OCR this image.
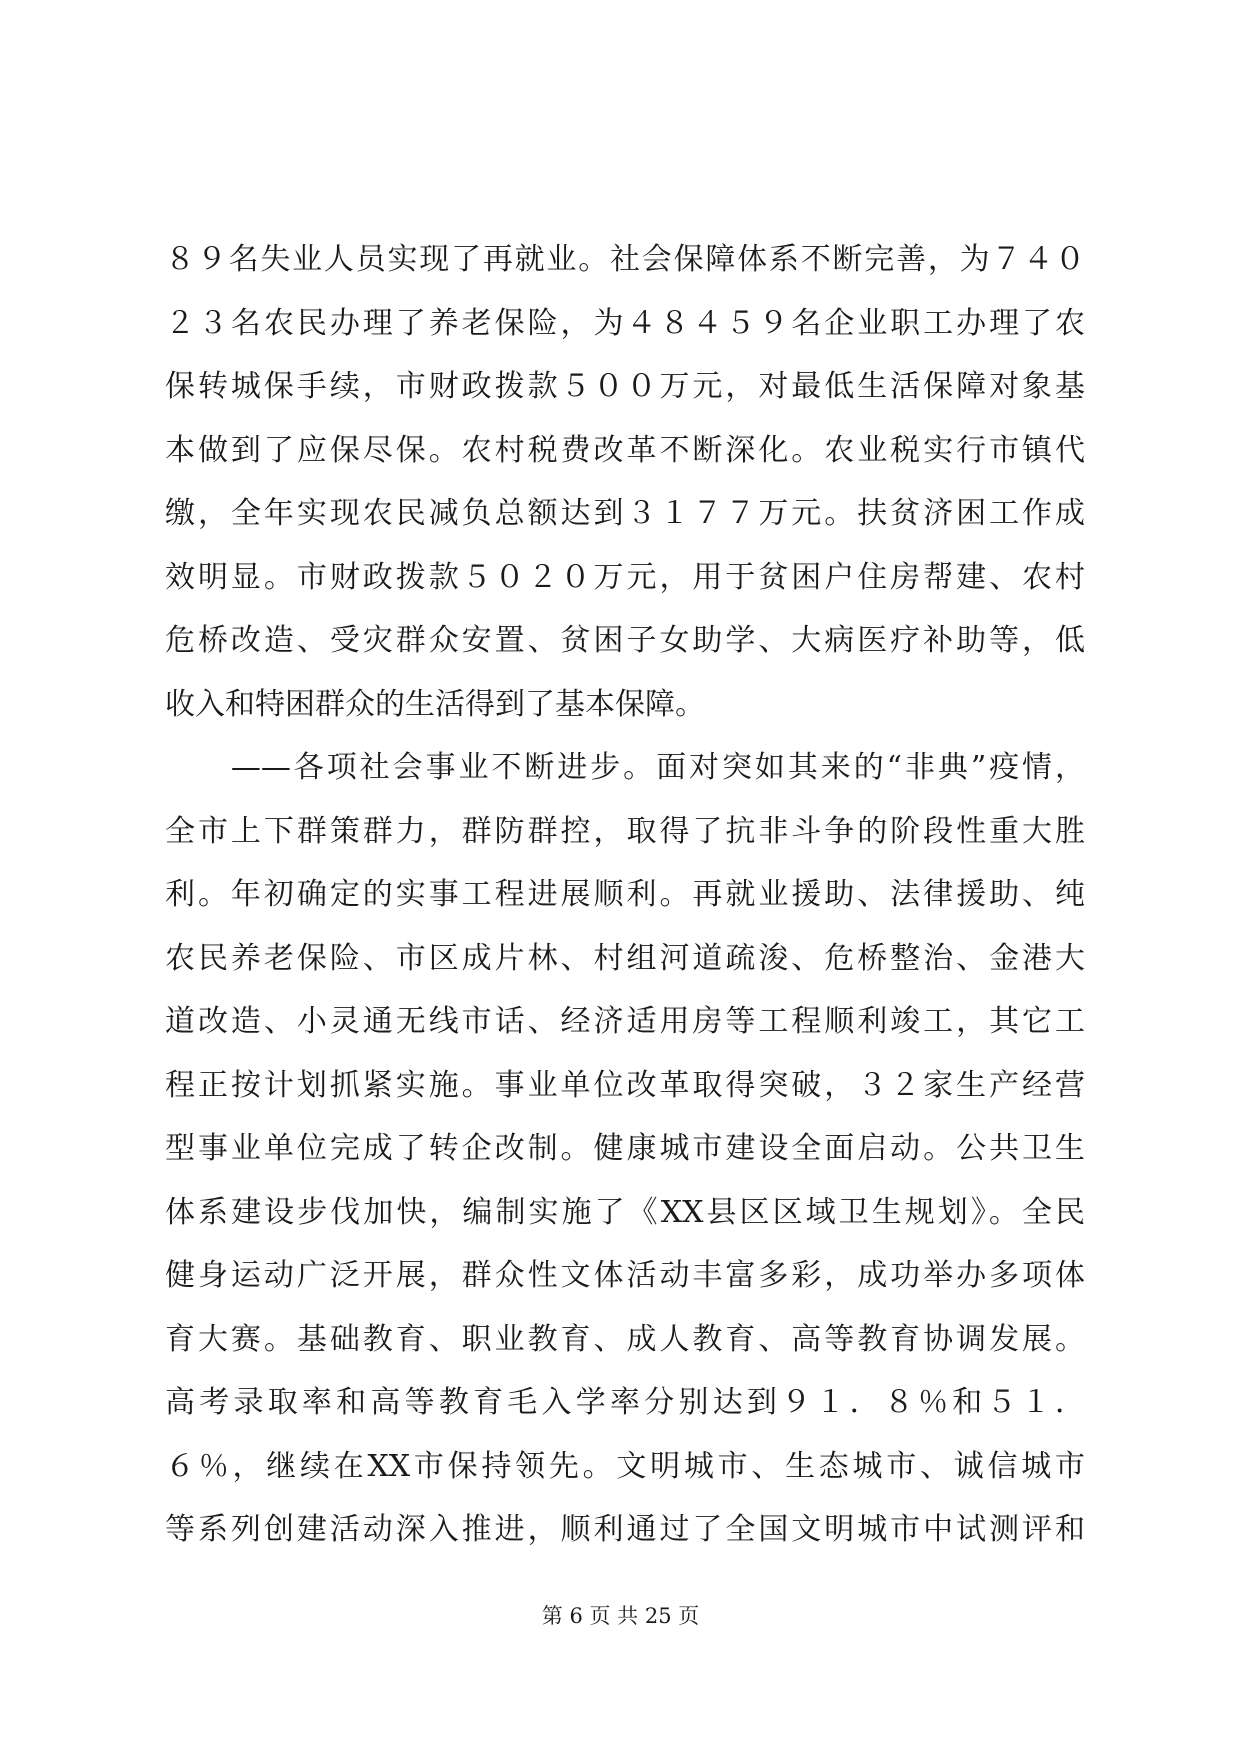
８９名失业人员实现了再就业。社会保障体系不断完善，为７４０
２３名农民办理了养老保险，为４８４５９名企业职工办理了农
保转城保手续，市财政拨款５００万元，对最低生活保障对象基
本做到了应保尽保。农村税费改革不断深化。农业税实行市镇代
缴，全年实现农民减负总额达到３１７７万元。扶贫济困工作成
效明显。市财政拨款５０２０万元，用于贫困户住房帮建、农村
危桥改造、受灾群众安置、贫困子女助学、大病医疗补助等，低
收入和特困群众的生活得到了基本保障。
　　——各项社会事业不断进步。面对突如其来的“非典”疫情，
全市上下群策群力，群防群控，取得了抗非斗争的阶段性重大胜
利。年初确定的实事工程进展顺利。再就业援助、法律援助、纯
农民养老保险、市区成片林、村组河道疏浚、危桥整治、金港大
道改造、小灵通无线市话、经济适用房等工程顺利竣工，其它工
程正按计划抓紧实施。事业单位改革取得突破，３２家生产经营
型事业单位完成了转企改制。健康城市建设全面启动。公共卫生
体系建设步伐加快，编制实施了《XX县区区域卫生规划》。全民
健身运动广泛开展，群众性文体活动丰富多彩，成功举办多项体
育大赛。基础教育、职业教育、成人教育、高等教育协调发展。
高考录取率和高等教育毛入学率分别达到９１．８％和５１．
６％，继续在XX市保持领先。文明城市、生态城市、诚信城市
等系列创建活动深入推进，顺利通过了全国文明城市中试测评和
第 6 页 共 25 页
